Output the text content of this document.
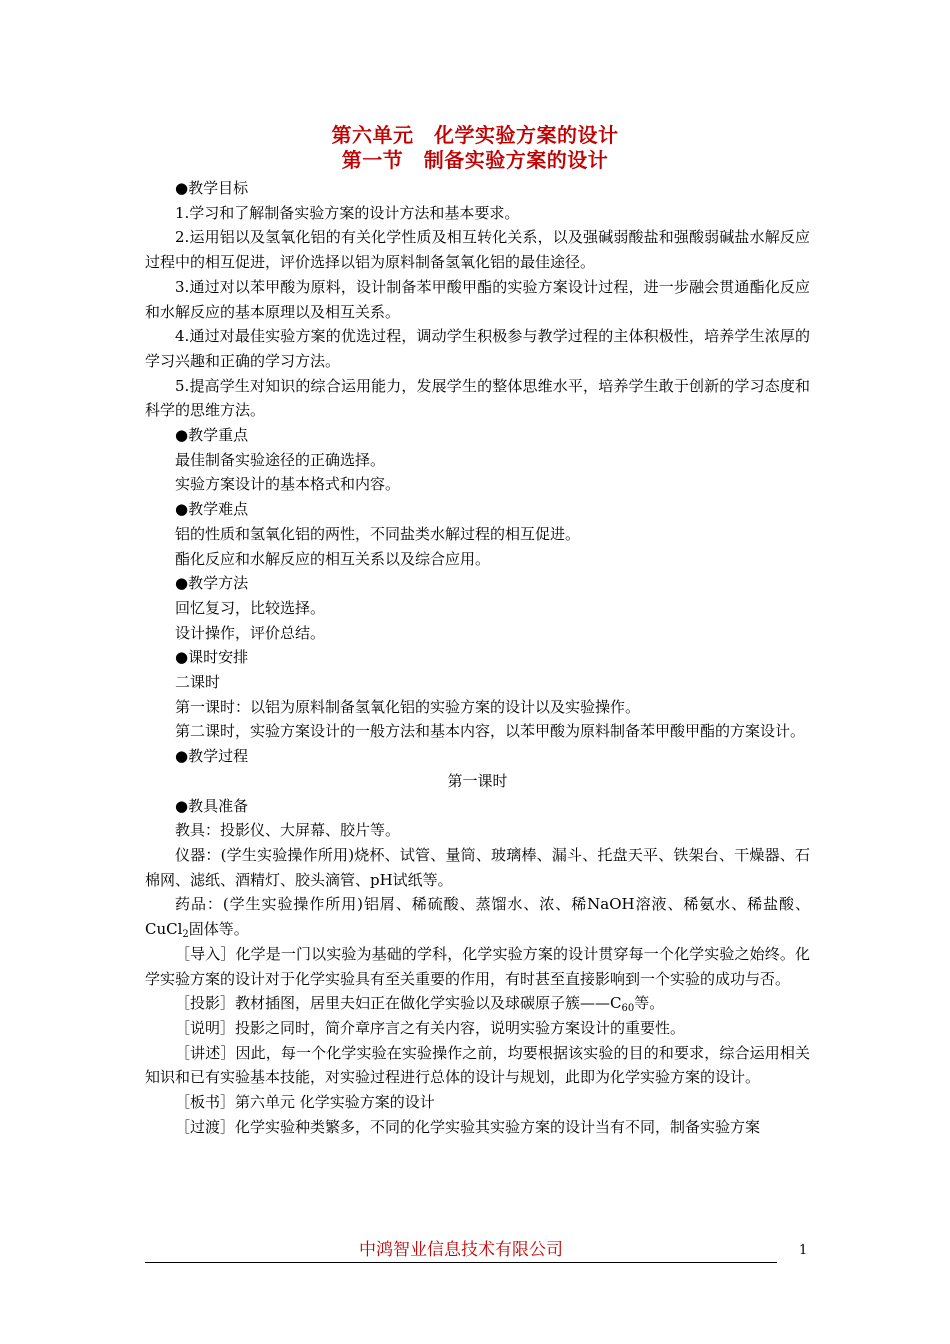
第六单元　化学实验方案的设计
第一节　制备实验方案的设计

●教学目标

1.学习和了解制备实验方案的设计方法和基本要求。

2.运用铝以及氢氧化铝的有关化学性质及相互转化关系，以及强碱弱酸盐和强酸弱碱盐水解反应过程中的相互促进，评价选择以铝为原料制备氢氧化铝的最佳途径。

3.通过对以苯甲酸为原料，设计制备苯甲酸甲酯的实验方案设计过程，进一步融会贯通酯化反应和水解反应的基本原理以及相互关系。

4.通过对最佳实验方案的优选过程，调动学生积极参与教学过程的主体积极性，培养学生浓厚的学习兴趣和正确的学习方法。

5.提高学生对知识的综合运用能力，发展学生的整体思维水平，培养学生敢于创新的学习态度和科学的思维方法。

●教学重点

最佳制备实验途径的正确选择。

实验方案设计的基本格式和内容。

●教学难点

铝的性质和氢氧化铝的两性，不同盐类水解过程的相互促进。

酯化反应和水解反应的相互关系以及综合应用。

●教学方法

回忆复习，比较选择。

设计操作，评价总结。

●课时安排

二课时

第一课时：以铝为原料制备氢氧化铝的实验方案的设计以及实验操作。

第二课时，实验方案设计的一般方法和基本内容，以苯甲酸为原料制备苯甲酸甲酯的方案设计。

●教学过程

第一课时

●教具准备

教具：投影仪、大屏幕、胶片等。

仪器：(学生实验操作所用)烧杯、试管、量筒、玻璃棒、漏斗、托盘天平、铁架台、干燥器、石棉网、滤纸、酒精灯、胶头滴管、pH试纸等。

药品：(学生实验操作所用)铝屑、稀硫酸、蒸馏水、浓、稀NaOH溶液、稀氨水、稀盐酸、CuCl$_2$固体等。

［导入］化学是一门以实验为基础的学科，化学实验方案的设计贯穿每一个化学实验之始终。化学实验方案的设计对于化学实验具有至关重要的作用，有时甚至直接影响到一个实验的成功与否。

［投影］教材插图，居里夫妇正在做化学实验以及球碳原子簇$——C_{60}$等。

［说明］投影之同时，简介章序言之有关内容，说明实验方案设计的重要性。

［讲述］因此，每一个化学实验在实验操作之前，均要根据该实验的目的和要求，综合运用相关知识和已有实验基本技能，对实验过程进行总体的设计与规划，此即为化学实验方案的设计。

［板书］第六单元 化学实验方案的设计

［过渡］化学实验种类繁多，不同的化学实验其实验方案的设计当有不同，制备实验方案

中鸿智业信息技术有限公司	1
